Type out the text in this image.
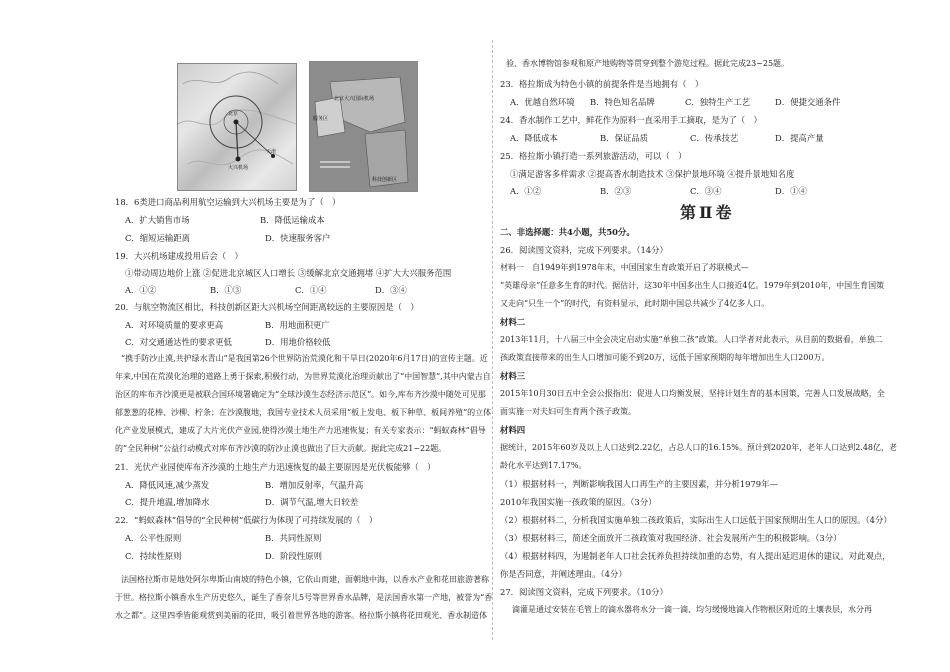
北京
天津
大兴机场
北京大兴国际机场
服务区
科技创新区
18．6类进口商品利用航空运输到大兴机场主要是为了（　）
A．扩大销售市场	B．降低运输成本
C．缩短运输距离	D．快速服务客户
19．大兴机场建成投用后会（　）
①带动周边地价上涨 ②促进北京城区人口增长 ③缓解北京交通拥堵 ④扩大大兴服务范围
A．①②	B．①③	C．①④	D．③④
20．与航空物流区相比，科技创新区距大兴机场空间距离较远的主要原因是（　）
A．对环境质量的要求更高	B．用地面积更广
C．对交通通达性的要求更低	D．用地价格较低
“携手防沙止漠,共护绿水青山”是我国第26个世界防治荒漠化和干旱日(2020年6月17日)的宣传主题。近
年来,中国在荒漠化治理的道路上勇于探索,积极行动，为世界荒漠化治理贡献出了“中国智慧”,其中内蒙古自
治区的库布齐沙漠更是被联合国环境署确定为“全球沙漠生态经济示范区”。如今,库布齐沙漠中随处可见那
郁葱葱的花棒、沙柳、柠条；在沙漠腹地，我国专业技术人员采用“板上发电、板下种草、板间养殖”的立体
化产业发展模式，建成了大片光伏产业园,使得沙漠土地生产力迅速恢复；有关专家表示：“蚂蚁森林”倡导
的“全民种树”公益行动模式对库布齐沙漠的防沙止漠也做出了巨大贡献。据此完成21~22题。
21．光伏产业园使库布齐沙漠的土地生产力迅速恢复的最主要原因是光伏板能够（　）
A．降低风速,减少蒸发	B．增加反射率，气温升高
C．提升地温,增加降水	D．调节气温,增大日较差
22．“蚂蚁森林”倡导的“全民种树”低碳行为体现了可持续发展的（　）
A．公平性原则	B．共同性原则
C．持续性原则	D．阶段性原则
法国格拉斯市是地处阿尔卑斯山南坡的特色小镇，它依山而建，面朝地中海，以香水产业和花田旅游著称
于世。格拉斯小镇香水生产历史悠久，诞生了香奈儿5号等世界香水品牌，是法国香水第一产地，被誉为“香
水之都”。这里四季皆能观赏到美丽的花田，吸引着世界各地的游客。格拉斯小镇将花田观光、香水制造体
验、香水博物馆参观和原产地购物等贯穿到整个游览过程。据此完成23~25题。
23．格拉斯成为特色小镇的前提条件是当地拥有（　）
A．优越自然环境 B．特色知名品牌	C．独特生产工艺	D．便捷交通条件
24．香水制作工艺中，鲜花作为原料一直采用手工摘取，是为了（　）
A．降低成本	B．保证品质	C．传承技艺	D．提高产量
25．格拉斯小镇打造一系列旅游活动，可以（　）
①满足游客多样需求 ②提高香水制造技术 ③保护景地环境 ④提升景地知名度
A．①②	B．②③	C．③④	D．①④
第Ⅱ卷
二、非选择题：共4小题，共50分。
26．阅读图文资料，完成下列要求。（14分）
材料一　自1949年到1978年末，中国国家生育政策开启了苏联模式—
“英雄母亲”任意多生育的时代。据估计，这30年中国多出生人口接近4亿。1979年到2010年，中国生育国策
又走向“只生一个”的时代，有资料显示，此时期中国总共减少了4亿多人口。
材料二
2013年11月，十八届三中全会决定启动实施“单独二孩”政策。人口学者对此表示，从目前的数据看，单独二
孩政策直接带来的出生人口增加可能不到20万，远低于国家预期的每年增加出生人口200万。
材料三
2015年10月30日五中全会公报指出：促进人口均衡发展，坚持计划生育的基本国策，完善人口发展战略，全
面实施一对夫妇可生育两个孩子政策。
材料四
据统计，2015年60岁及以上人口达到2.22亿，占总人口的16.15%。预计到2020年，老年人口达到2.48亿，老
龄化水平达到17.17%。
（1）根据材料一，判断影响我国人口再生产的主要因素，并分析1979年—
2010年我国实施一孩政策的原因。（3分）
（2）根据材料二，分析我国实施单独二孩政策后，实际出生人口远低于国家预期出生人口的原因。（4分）
（3）根据材料三，简述全面放开二孩政策对我国经济、社会发展所产生的积极影响。（3分）
（4）根据材料四，为遏制老年人口社会抚养负担持续加重的态势，有人提出延迟退休的建议。对此观点，
你是否同意，并阐述理由。（4分）
27．阅读图文资料，完成下列要求。（10分）
滴灌是通过安装在毛管上的滴水器将水分一滴一滴、均匀缓慢地滴入作物根区附近的土壤表层，水分再
